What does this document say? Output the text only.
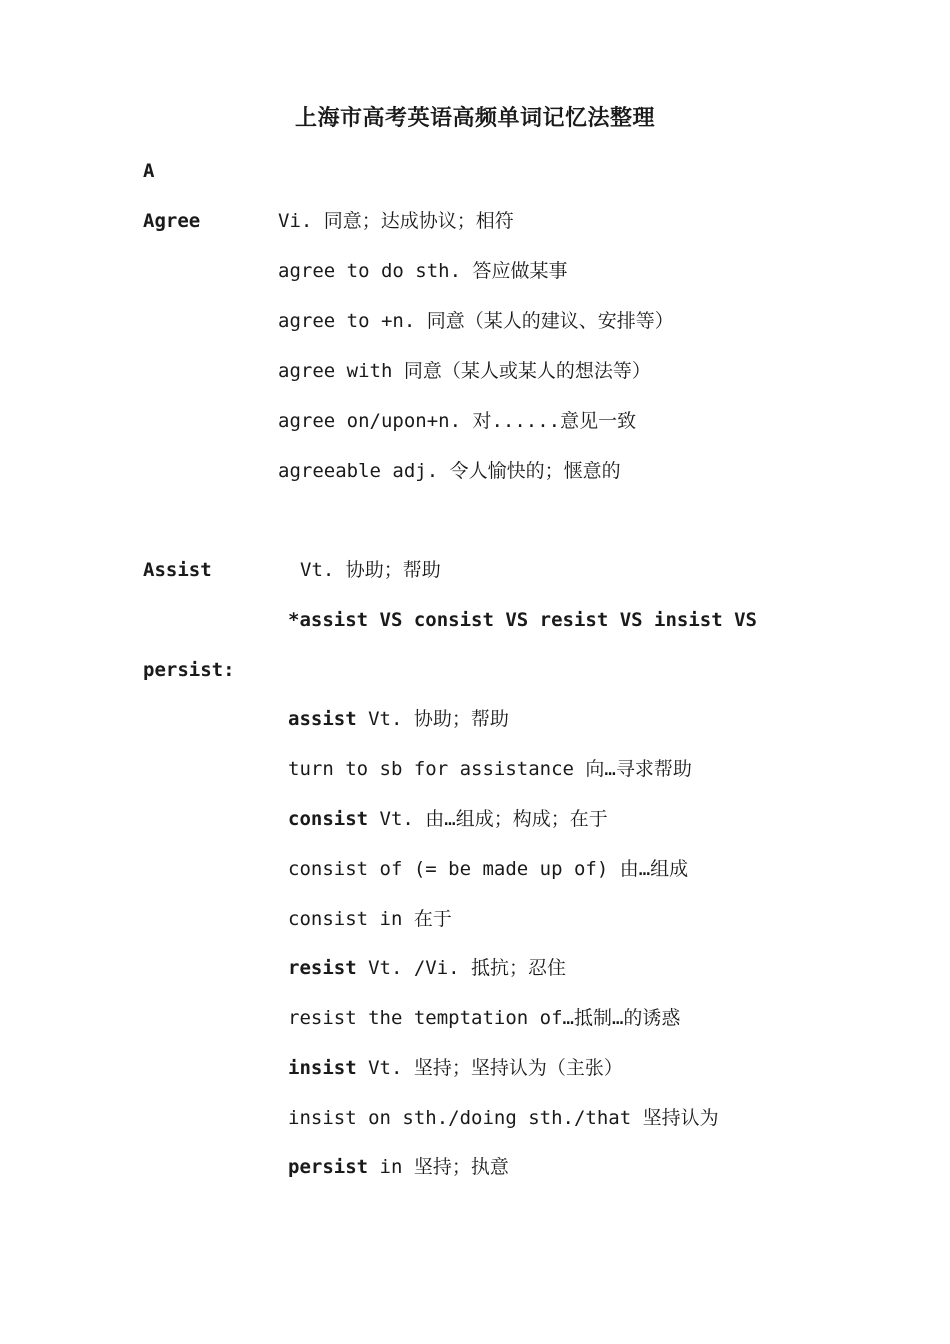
上海市高考英语高频单词记忆法整理
A
Agree	Vi. 同意；达成协议；相符
agree to do sth. 答应做某事
agree to +n. 同意（某人的建议、安排等）
agree with 同意（某人或某人的想法等）
agree on/upon+n. 对......意见一致
agreeable adj. 令人愉快的；惬意的
Assist	Vt. 协助；帮助
*assist VS consist VS resist VS insist VS
persist:
assist Vt. 协助；帮助
turn to sb for assistance 向…寻求帮助
consist Vt. 由…组成；构成；在于
consist of (= be made up of) 由…组成
consist in 在于
resist Vt. /Vi. 抵抗；忍住
resist the temptation of…抵制…的诱惑
insist Vt. 坚持；坚持认为（主张）
insist on sth./doing sth./that 坚持认为
persist in 坚持；执意
